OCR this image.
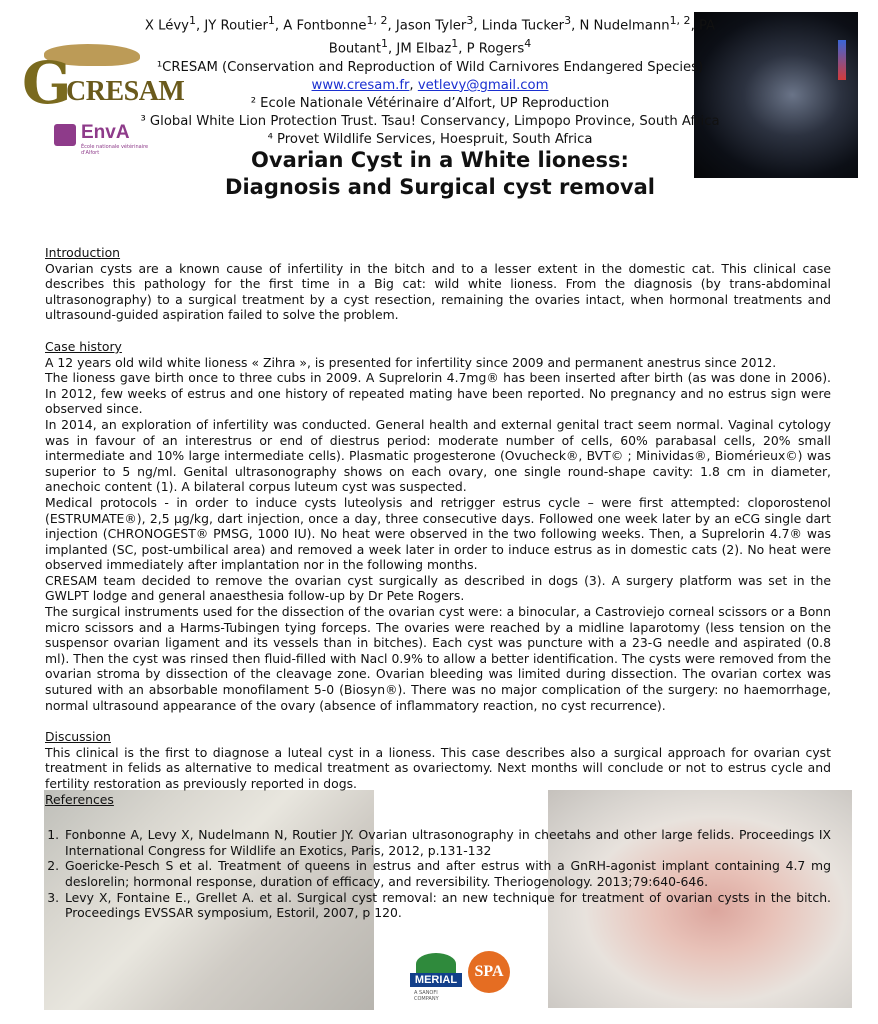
G
CRESAM
EnvA
École nationale vétérinaire d'Alfort
MERIAL
A SANOFI COMPANY
SPA
X Lévy$^1$, JY Routier$^1$, A Fontbonne$^{1, 2}$, Jason Tyler$^3$, Linda Tucker$^3$, N Nudelmann$^{1, 2}$, PA
Boutant$^1$, JM Elbaz$^1$, P Rogers$^4$
¹CRESAM (Conservation and Reproduction of Wild Carnivores Endangered Species)
www.cresam.fr, vetlevy@gmail.com
² Ecole Nationale Vétérinaire d’Alfort, UP Reproduction
³ Global White Lion Protection Trust. Tsau! Conservancy, Limpopo Province, South Africa
⁴ Provet Wildlife Services, Hoespruit, South Africa
Ovarian Cyst in a White lioness:
Diagnosis and Surgical cyst removal
Introduction

Ovarian cysts are a known cause of infertility in the bitch and to a lesser extent in the domestic cat. This clinical case describes this pathology for the first time in a Big cat: wild white lioness. From the diagnosis (by trans-abdominal ultrasonography) to a surgical treatment by a cyst resection, remaining the ovaries intact, when hormonal treatments and ultrasound-guided aspiration failed to solve the problem.

Case history

A 12 years old wild white lioness « Zihra », is presented for infertility since 2009 and permanent anestrus since 2012.

The lioness gave birth once to three cubs in 2009. A Suprelorin 4.7mg® has been inserted after birth (as was done in 2006). In 2012, few weeks of estrus and one history of repeated mating have been reported. No pregnancy and no estrus sign were observed since.

In 2014, an exploration of infertility was conducted. General health and external genital tract seem normal. Vaginal cytology was in favour of an interestrus or end of diestrus period: moderate number of cells, 60% parabasal cells, 20% small intermediate and 10% large intermediate cells). Plasmatic progesterone (Ovucheck®, BVT© ; Minividas®, Biomérieux©) was superior to 5 ng/ml. Genital ultrasonography shows on each ovary, one single round-shape cavity: 1.8 cm in diameter, anechoic content (1). A bilateral corpus luteum cyst was suspected.

Medical protocols - in order to induce cysts luteolysis and retrigger estrus cycle – were first attempted: cloporostenol (ESTRUMATE®), 2,5 µg/kg, dart injection, once a day, three consecutive days. Followed one week later by an eCG single dart injection (CHRONOGEST® PMSG, 1000 IU). No heat were observed in the two following weeks. Then, a Suprelorin 4.7® was implanted (SC, post-umbilical area) and removed a week later in order to induce estrus as in domestic cats (2). No heat were observed immediately after implantation nor in the following months.

CRESAM team decided to remove the ovarian cyst surgically as described in dogs (3). A surgery platform was set in the GWLPT lodge and general anaesthesia follow-up by Dr Pete Rogers.

The surgical instruments used for the dissection of the ovarian cyst were: a binocular, a Castroviejo corneal scissors or a Bonn micro scissors and a Harms-Tubingen tying forceps. The ovaries were reached by a midline laparotomy (less tension on the suspensor ovarian ligament and its vessels than in bitches). Each cyst was puncture with a 23-G needle and aspirated (0.8 ml). Then the cyst was rinsed then fluid-filled with Nacl 0.9% to allow a better identification. The cysts were removed from the ovarian stroma by dissection of the cleavage zone. Ovarian bleeding was limited during dissection. The ovarian cortex was sutured with an absorbable monofilament 5-0 (Biosyn®). There was no major complication of the surgery: no haemorrhage, normal ultrasound appearance of the ovary (absence of inflammatory reaction, no cyst recurrence).

Discussion

This clinical is the first to diagnose a luteal cyst in a lioness. This case describes also a surgical approach for ovarian cyst treatment in felids as alternative to medical treatment as ovariectomy. Next months will conclude or not to estrus cycle and fertility restoration as previously reported in dogs.

References
1. Fonbonne A, Levy X, Nudelmann N, Routier JY. Ovarian ultrasonography in cheetahs and other large felids. Proceedings IX International Congress for Wildlife an Exotics, Paris, 2012, p.131-132
2. Goericke-Pesch S et al. Treatment of queens in estrus and after estrus with a GnRH-agonist implant containing 4.7 mg deslorelin; hormonal response, duration of efficacy, and reversibility. Theriogenology. 2013;79:640-646.
3. Levy X, Fontaine E., Grellet A. et al. Surgical cyst removal: an new technique for treatment of ovarian cysts in the bitch. Proceedings EVSSAR symposium, Estoril, 2007, p 120.
